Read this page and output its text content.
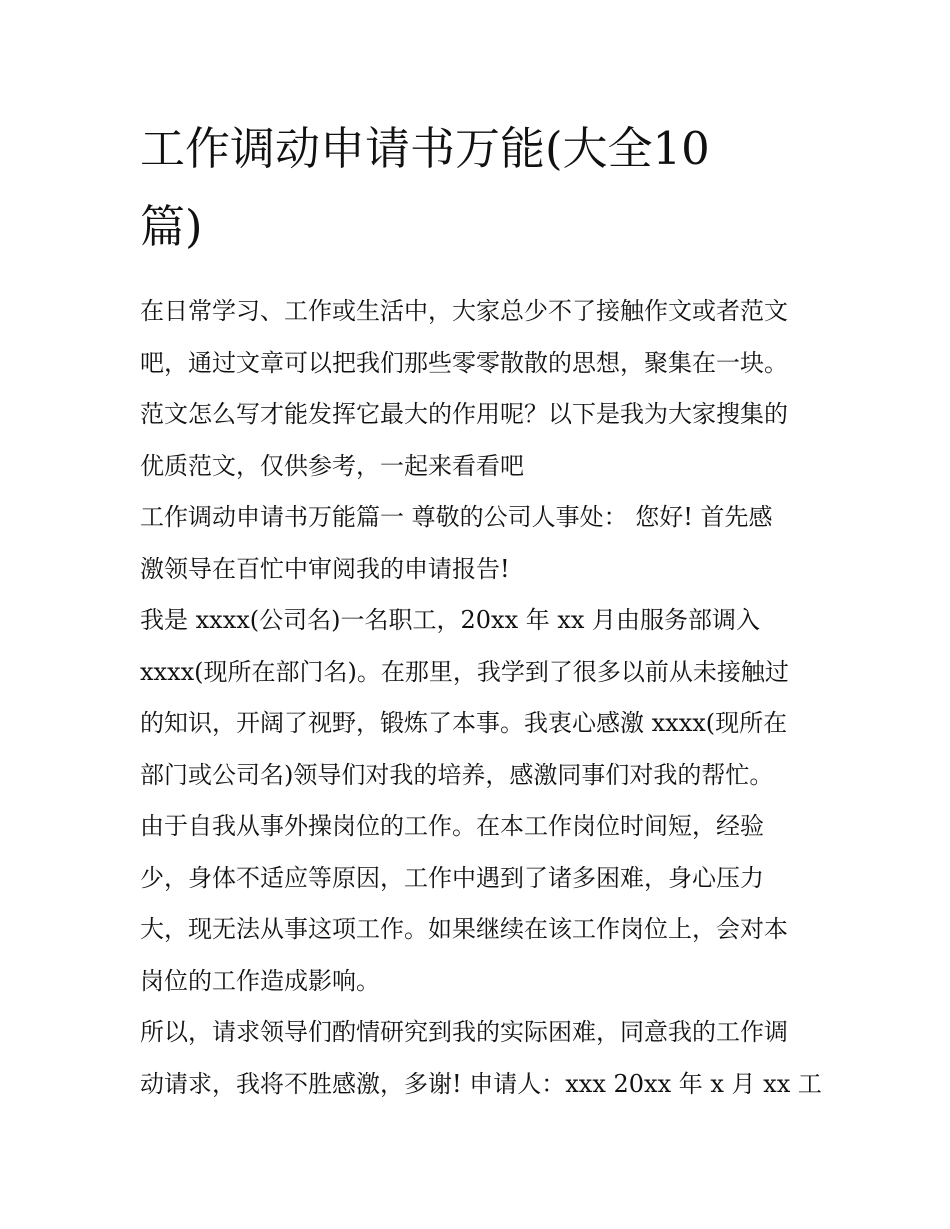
工作调动申请书万能(大全10
篇)

在日常学习、工作或生活中，大家总少不了接触作文或者范文
吧，通过文章可以把我们那些零零散散的思想，聚集在一块。
范文怎么写才能发挥它最大的作用呢？以下是我为大家搜集的
优质范文，仅供参考，一起来看看吧

工作调动申请书万能篇一 尊敬的公司人事处： 您好! 首先感
激领导在百忙中审阅我的申请报告!

我是 xxxx(公司名)一名职工，20xx 年 xx 月由服务部调入
xxxx(现所在部门名)。在那里，我学到了很多以前从未接触过
的知识，开阔了视野，锻炼了本事。我衷心感激 xxxx(现所在
部门或公司名)领导们对我的培养，感激同事们对我的帮忙。
由于自我从事外操岗位的工作。在本工作岗位时间短，经验
少，身体不适应等原因，工作中遇到了诸多困难，身心压力
大，现无法从事这项工作。如果继续在该工作岗位上，会对本
岗位的工作造成影响。

所以，请求领导们酌情研究到我的实际困难，同意我的工作调
动请求，我将不胜感激，多谢! 申请人：xxx 20xx 年 x 月 xx 工
